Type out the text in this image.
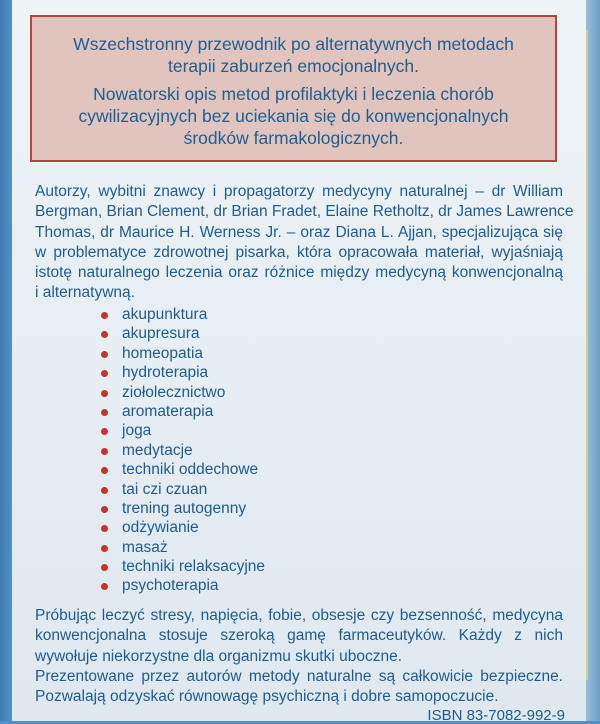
Wszechstronny przewodnik po alternatywnych metodach
terapii zaburzeń emocjonalnych.

Nowatorski opis metod profilaktyki i leczenia chorób
cywilizacyjnych bez uciekania się do konwencjonalnych
środków farmakologicznych.

Autorzy, wybitni znawcy i propagatorzy medycyny naturalnej – dr William
Bergman, Brian Clement, dr Brian Fradet, Elaine Retholtz, dr James Lawrence
Thomas, dr Maurice H. Werness Jr. – oraz Diana L. Ajjan, specjalizująca się
w problematyce zdrowotnej pisarka, która opracowała materiał, wyjaśniają
istotę naturalnego leczenia oraz różnice między medycyną konwencjonalną
i alternatywną.
akupunktura
akupresura
homeopatia
hydroterapia
ziołolecznictwo
aromaterapia
joga
medytacje
techniki oddechowe
tai czi czuan
trening autogenny
odżywianie
masaż
techniki relaksacyjne
psychoterapia
Próbując leczyć stresy, napięcia, fobie, obsesje czy bezsenność, medycyna
konwencjonalna stosuje szeroką gamę farmaceutyków. Każdy z nich
wywołuje niekorzystne dla organizmu skutki uboczne.
Prezentowane przez autorów metody naturalne są całkowicie bezpieczne.
Pozwalają odzyskać równowagę psychiczną i dobre samopoczucie.
ISBN 83-7082-992-9
